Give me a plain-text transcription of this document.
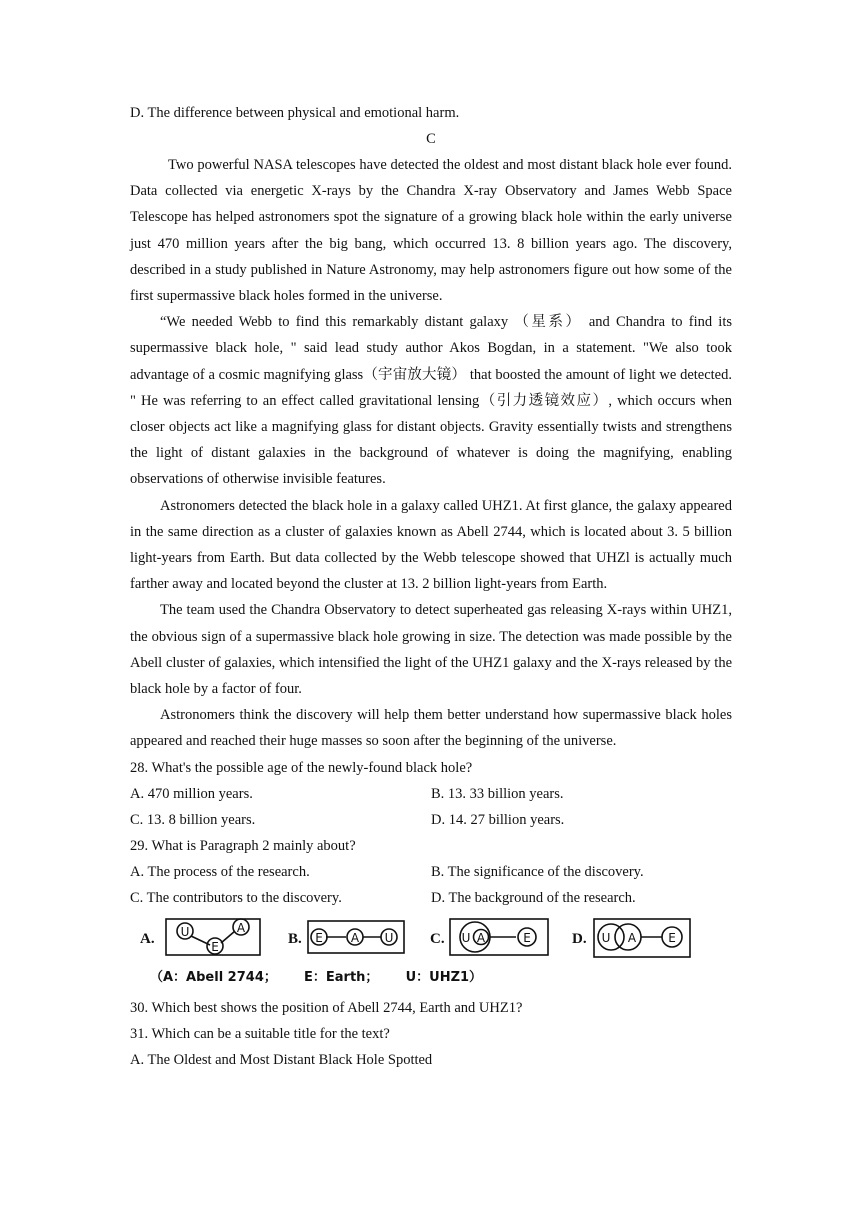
D. The difference between physical and emotional harm.
C

Two powerful NASA telescopes have detected the oldest and most distant black hole ever found. Data collected via energetic X-rays by the Chandra X-ray Observatory and James Webb Space Telescope has helped astronomers spot the signature of a growing black hole within the early universe just 470 million years after the big bang, which occurred 13. 8 billion years ago. The discovery, described in a study published in Nature Astronomy, may help astronomers figure out how some of the first supermassive black holes formed in the universe.

“We needed Webb to find this remarkably distant galaxy （星系） and Chandra to find its supermassive black hole, " said lead study author Akos Bogdan, in a statement. "We also took advantage of a cosmic magnifying glass（宇宙放大镜） that boosted the amount of light we detected. " He was referring to an effect called gravitational lensing（引力透镜效应）, which occurs when closer objects act like a magnifying glass for distant objects. Gravity essentially twists and strengthens the light of distant galaxies in the background of whatever is doing the magnifying, enabling observations of otherwise invisible features.

Astronomers detected the black hole in a galaxy called UHZ1. At first glance, the galaxy appeared in the same direction as a cluster of galaxies known as Abell 2744, which is located about 3. 5 billion light-years from Earth. But data collected by the Webb telescope showed that UHZl is actually much farther away and located beyond the cluster at 13. 2 billion light-years from Earth.

The team used the Chandra Observatory to detect superheated gas releasing X-rays within UHZ1, the obvious sign of a supermassive black hole growing in size. The detection was made possible by the Abell cluster of galaxies, which intensified the light of the UHZ1 galaxy and the X-rays released by the black hole by a factor of four.

Astronomers think the discovery will help them better understand how supermassive black holes appeared and reached their huge masses so soon after the beginning of the universe.

28. What's the possible age of the newly-found black hole?
A. 470 million years.	B. 13. 33 billion years.
C. 13. 8 billion years.	D. 14. 27 billion years.
29. What is Paragraph 2 mainly about?
A. The process of the research.	B. The significance of the discovery.
C. The contributors to the discovery.	D. The background of the research.
A. U
E
A
B. E A U C. U A	E	D. U A	E
（A：Abell 2744；      E：Earth；      U：UHZ1）
30. Which best shows the position of Abell 2744, Earth and UHZ1?
31. Which can be a suitable title for the text?
A. The Oldest and Most Distant Black Hole Spotted
